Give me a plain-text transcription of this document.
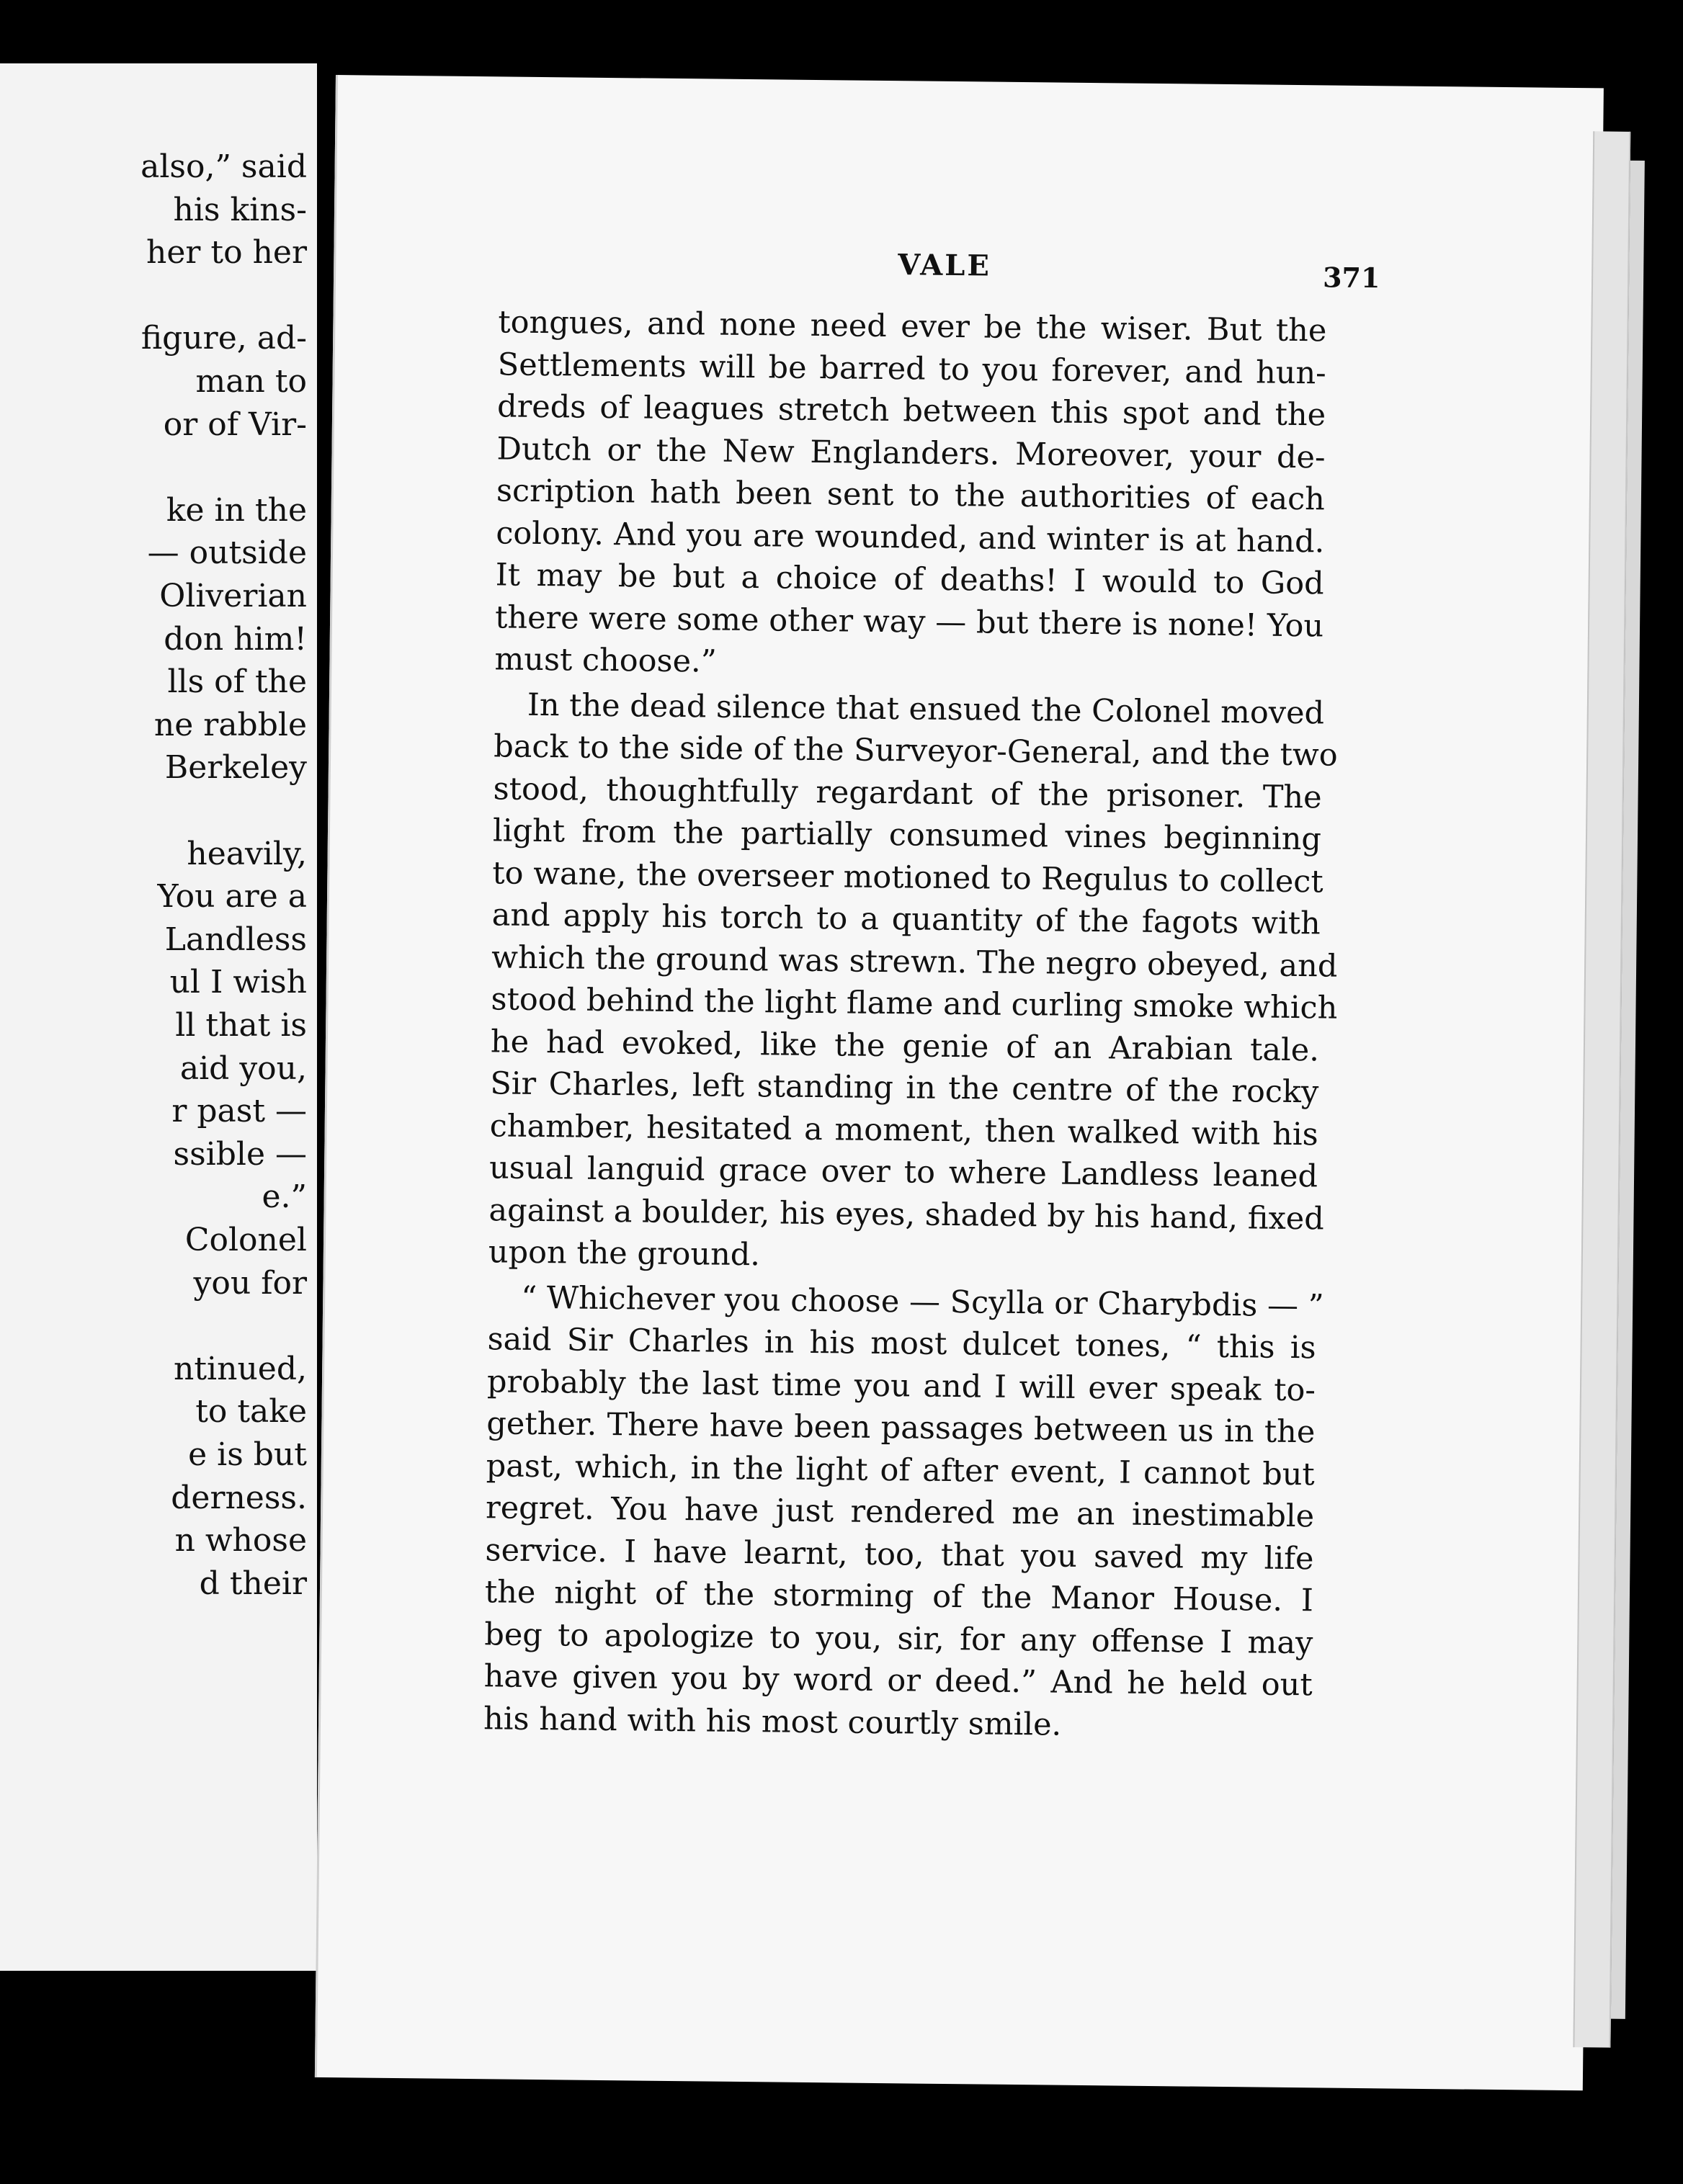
also,” said
his kins-
her to her
figure, ad-
man to
or of Vir-
ke in the
— outside
Oliverian
don him!
lls of the
ne rabble
Berkeley
heavily,
You are a
Landless
ul I wish
ll that is
aid you,
r past —
ssible —
e.”
Colonel
you for
ntinued,
to take
e is but
derness.
n whose
d their
VALE	371
tongues, and none need ever be the wiser. But the
Settlements will be barred to you forever, and hun-
dreds of leagues stretch between this spot and the
Dutch or the New Englanders. Moreover, your de-
scription hath been sent to the authorities of each
colony. And you are wounded, and winter is at hand.
It may be but a choice of deaths! I would to God
there were some other way — but there is none! You
must choose.”
In the dead silence that ensued the Colonel moved
back to the side of the Surveyor-General, and the two
stood, thoughtfully regardant of the prisoner. The
light from the partially consumed vines beginning
to wane, the overseer motioned to Regulus to collect
and apply his torch to a quantity of the fagots with
which the ground was strewn. The negro obeyed, and
stood behind the light flame and curling smoke which
he had evoked, like the genie of an Arabian tale.
Sir Charles, left standing in the centre of the rocky
chamber, hesitated a moment, then walked with his
usual languid grace over to where Landless leaned
against a boulder, his eyes, shaded by his hand, fixed
upon the ground.
“ Whichever you choose — Scylla or Charybdis — ”
said Sir Charles in his most dulcet tones, “ this is
probably the last time you and I will ever speak to-
gether. There have been passages between us in the
past, which, in the light of after event, I cannot but
regret. You have just rendered me an inestimable
service. I have learnt, too, that you saved my life
the night of the storming of the Manor House. I
beg to apologize to you, sir, for any offense I may
have given you by word or deed.” And he held out
his hand with his most courtly smile.
